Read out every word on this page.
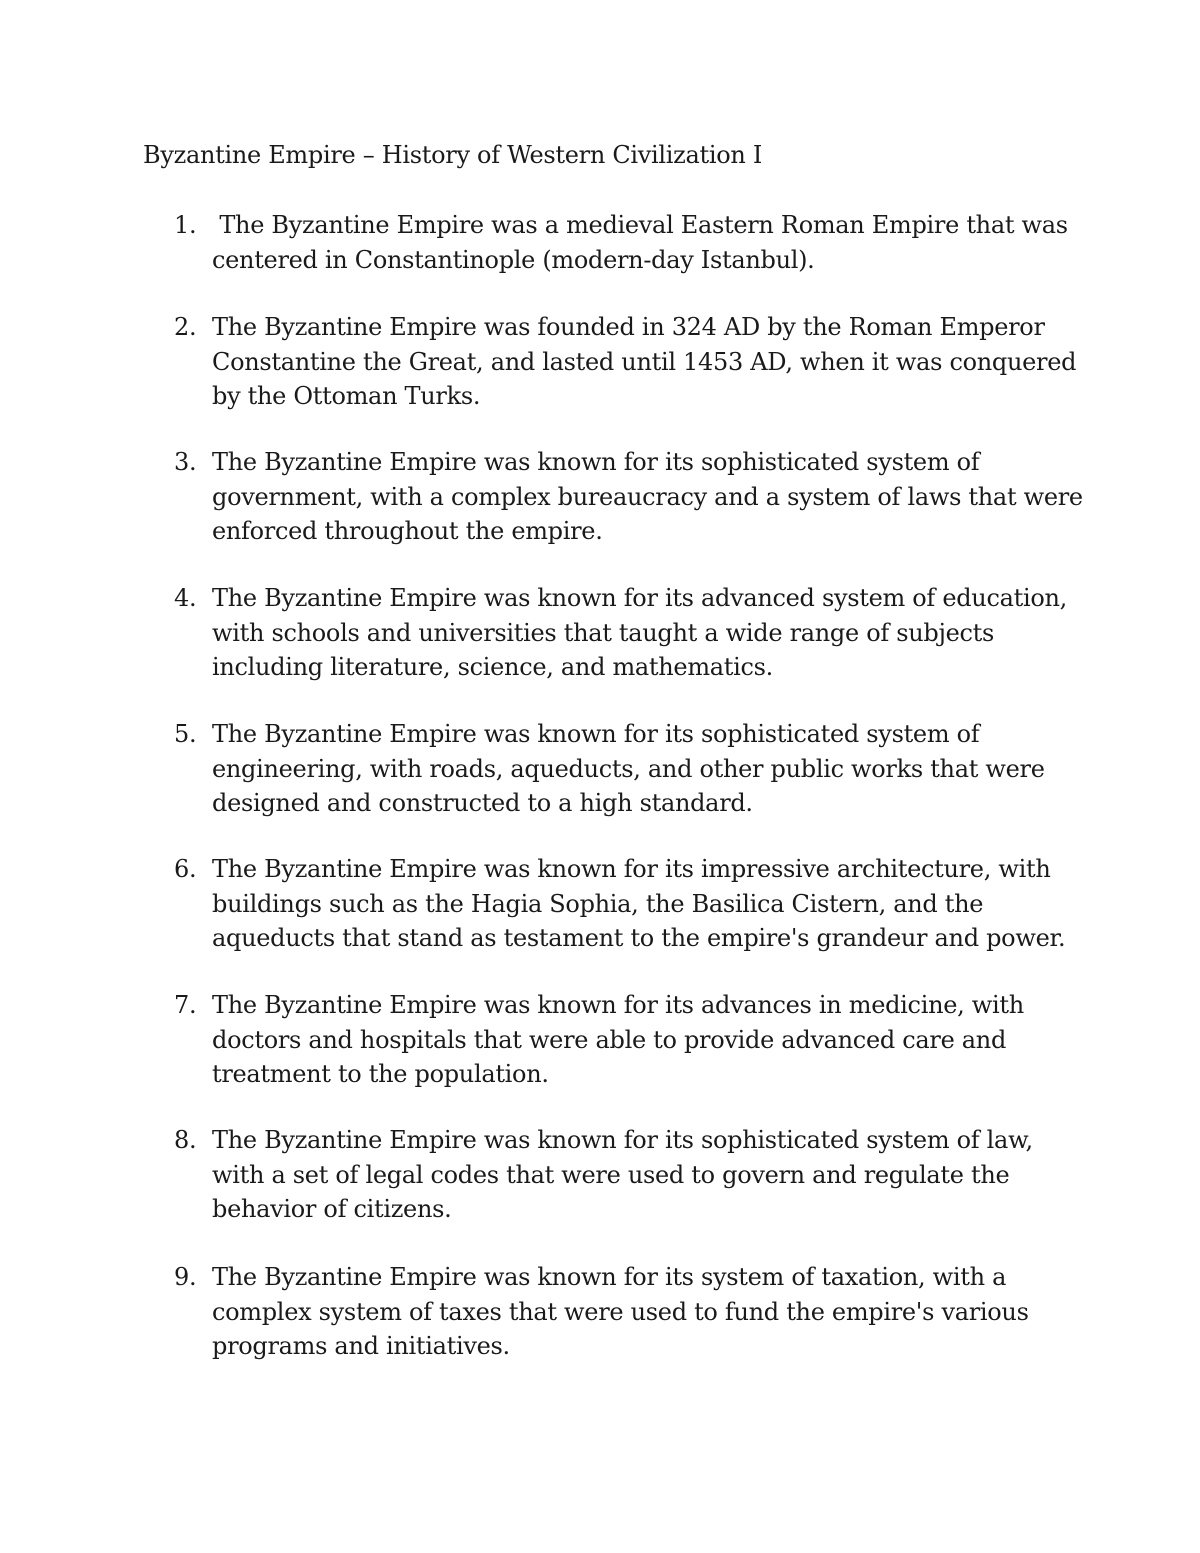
Byzantine Empire – History of Western Civilization I
1. The Byzantine Empire was a medieval Eastern Roman Empire that was
centered in Constantinople (modern-day Istanbul).
2. The Byzantine Empire was founded in 324 AD by the Roman Emperor
Constantine the Great, and lasted until 1453 AD, when it was conquered
by the Ottoman Turks.
3. The Byzantine Empire was known for its sophisticated system of
government, with a complex bureaucracy and a system of laws that were
enforced throughout the empire.
4. The Byzantine Empire was known for its advanced system of education,
with schools and universities that taught a wide range of subjects
including literature, science, and mathematics.
5. The Byzantine Empire was known for its sophisticated system of
engineering, with roads, aqueducts, and other public works that were
designed and constructed to a high standard.
6. The Byzantine Empire was known for its impressive architecture, with
buildings such as the Hagia Sophia, the Basilica Cistern, and the
aqueducts that stand as testament to the empire's grandeur and power.
7. The Byzantine Empire was known for its advances in medicine, with
doctors and hospitals that were able to provide advanced care and
treatment to the population.
8. The Byzantine Empire was known for its sophisticated system of law,
with a set of legal codes that were used to govern and regulate the
behavior of citizens.
9. The Byzantine Empire was known for its system of taxation, with a
complex system of taxes that were used to fund the empire's various
programs and initiatives.
